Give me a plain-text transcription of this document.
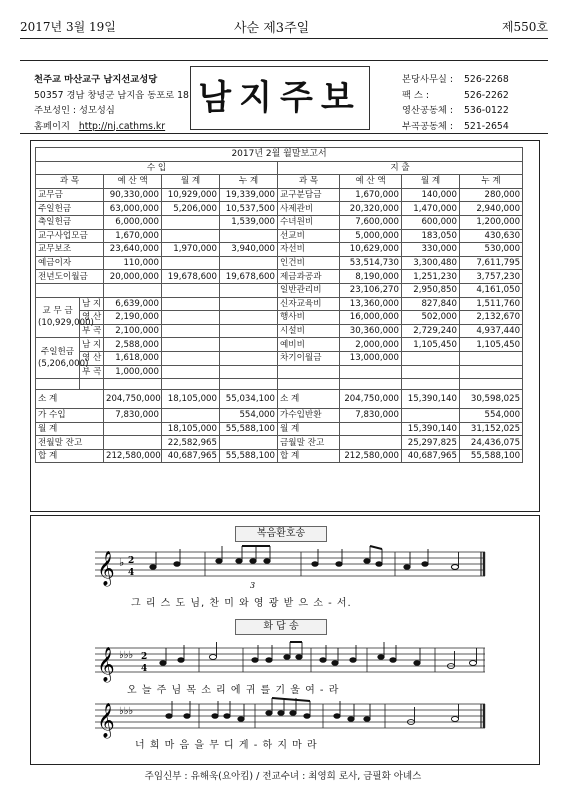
2017년 3월 19일	사순 제3주일	제550호
천주교 마산교구 남지선교성당
50357 경남 창녕군 남지읍 동포로 18
주보성인 : 성모성심
홈페이지 http://nj.cathms.kr
남지주보	본당사무실 :	526-2268
팩 스 :	526-2262
영산공동체 :	536-0122
부곡공동체 :	521-2654
2017년 2월 월말보고서								
수 입					지 출			
과 목		예 산 액	월 계	누 계	과 목	예 산 액	월 계	누 계
교무금		90,330,000	10,929,000	19,339,000	교구분담금	1,670,000	140,000	280,000
주일헌금		63,000,000	5,206,000	10,537,500	사제관비	20,320,000	1,470,000	2,940,000
축일헌금		6,000,000		1,539,000	수녀원비	7,600,000	600,000	1,200,000
교구사업모금		1,670,000			선교비	5,000,000	183,050	430,630
교무보조		23,640,000	1,970,000	3,940,000	자선비	10,629,000	330,000	530,000
예금이자		110,000			인건비	53,514,730	3,300,480	7,611,795
전년도이월금		20,000,000	19,678,600	19,678,600	제금과공과	8,190,000	1,251,230	3,757,230
					일반관리비	23,106,270	2,950,850	4,161,050

교 무 금
(10,929,000)	남 지	6,639,000			신자교육비	13,360,000	827,840	1,511,760
	영 산	2,190,000			행사비	16,000,000	502,000	2,132,670
	부 곡	2,100,000			시설비	30,360,000	2,729,240	4,937,440

주일헌금
(5,206,000)	남 지	2,588,000			예비비	2,000,000	1,105,450	1,105,450
	영 산	1,618,000			차기이월금	13,000,000		
	부 곡	1,000,000						

소 계		204,750,000	18,105,000	55,034,100	소 계	204,750,000	15,390,140	30,598,025
가 수입		7,830,000		554,000	가수입반환	7,830,000		554,000
월 계			18,105,000	55,588,100	월 계		15,390,140	31,152,025
전월말 잔고			22,582,965		금월말 잔고		25,297,825	24,436,075
합 계		212,580,000	40,687,965	55,588,100	합 계	212,580,000	40,687,965	55,588,100
복음환호송
𝄞 ♭ 2
4
3
그 리 스 도 님, 찬 미 와 영 광 받 으 소 - 서.
화 답 송
𝄞 ♭♭♭ 2
4
오 늘 주 님 목 소 리 에 귀 를 기 울 여 - 라
𝄞 ♭♭♭
너 희 마 음 을 무 디 게 - 하 지 마 라
주임신부 : 유해욱(요아킴) / 전교수녀 : 최영희 로사, 금필화 아녜스
